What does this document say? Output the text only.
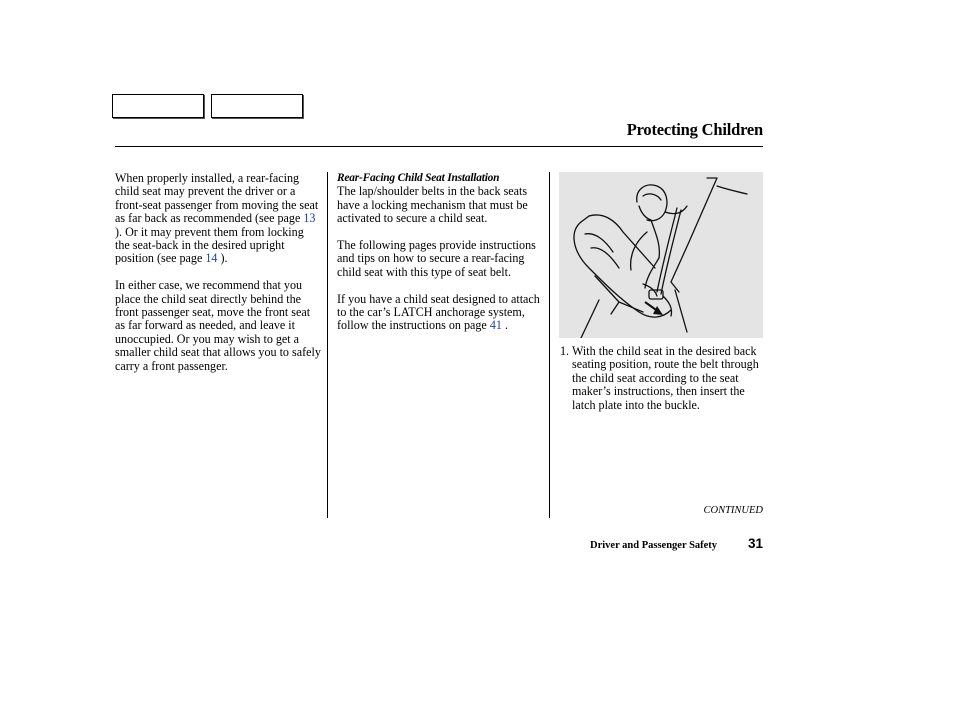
Protecting Children

When properly installed, a rear-facing child seat may prevent the driver or a front-seat passenger from moving the seat as far back as recommended (see page 13 ). Or it may prevent them from locking the seat-back in the desired upright position (see page 14 ).

In either case, we recommend that you place the child seat directly behind the front passenger seat, move the front seat as far forward as needed, and leave it unoccupied. Or you may wish to get a smaller child seat that allows you to safely carry a front passenger.

Rear-Facing Child Seat Installation

The lap/shoulder belts in the back seats have a locking mechanism that must be activated to secure a child seat.

The following pages provide instructions and tips on how to secure a rear-facing child seat with this type of seat belt.

If you have a child seat designed to attach to the car’s LATCH anchorage system, follow the instructions on page 41 .

1. With the child seat in the desired back seating position, route the belt through the child seat according to the seat maker’s instructions, then insert the latch plate into the buckle.
CONTINUED
Driver and Passenger Safety 31
